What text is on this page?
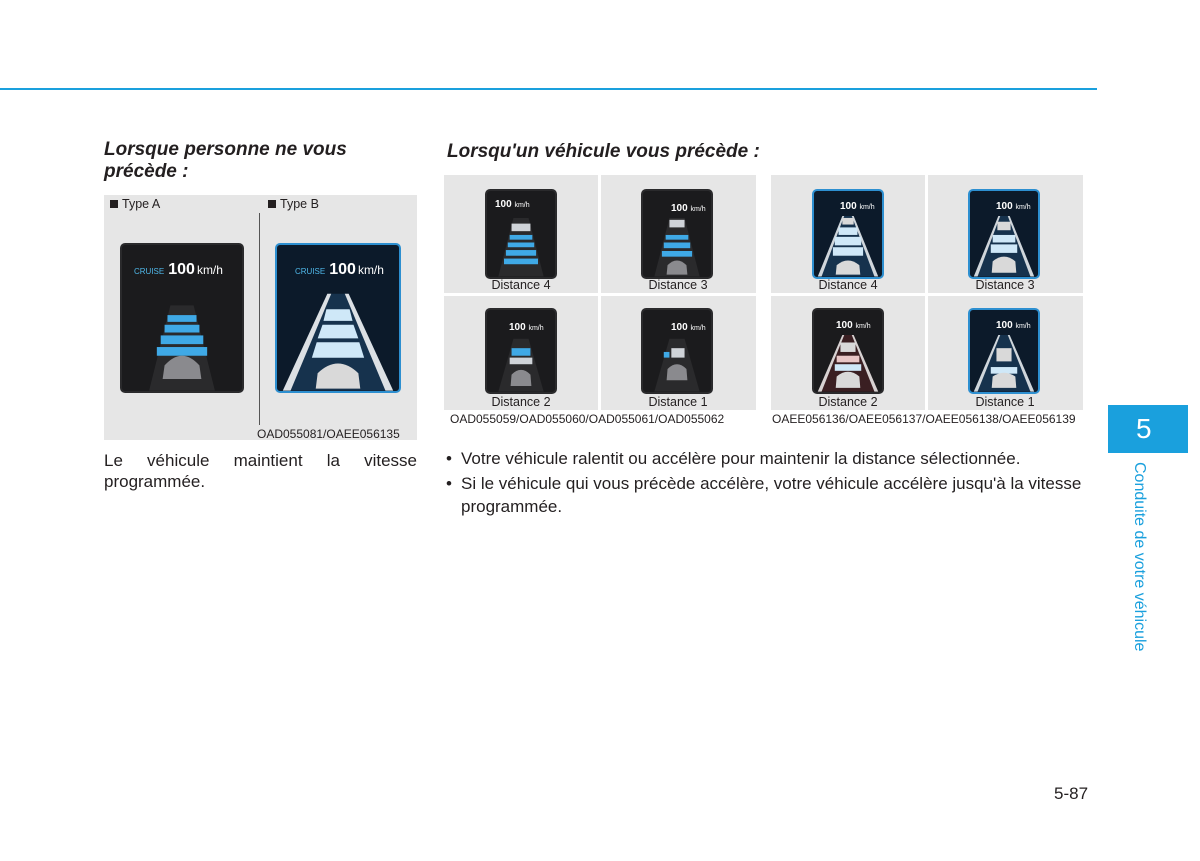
Lorsque personne ne vous précède :
Type A	Type B
CRUISE 100 km/h	CRUISE 100 km/h
OAD055081/OAEE056135
Le véhicule maintient la vitesse programmée.
Lorsqu'un véhicule vous précède :
100 km/h
Distance 4
100 km/h
Distance 3
100 km/h
Distance 2
100 km/h
Distance 1
OAD055059/OAD055060/OAD055061/OAD055062
100 km/h
Distance 4
100 km/h
Distance 3
100 km/h
Distance 2
100 km/h
Distance 1
OAEE056136/OAEE056137/OAEE056138/OAEE056139
• Votre véhicule ralentit ou accélère pour maintenir la distance sélectionnée.
• Si le véhicule qui vous précède accélère, votre véhicule accélère jusqu'à la vitesse programmée.
5
Conduite de votre véhicule
5-87
